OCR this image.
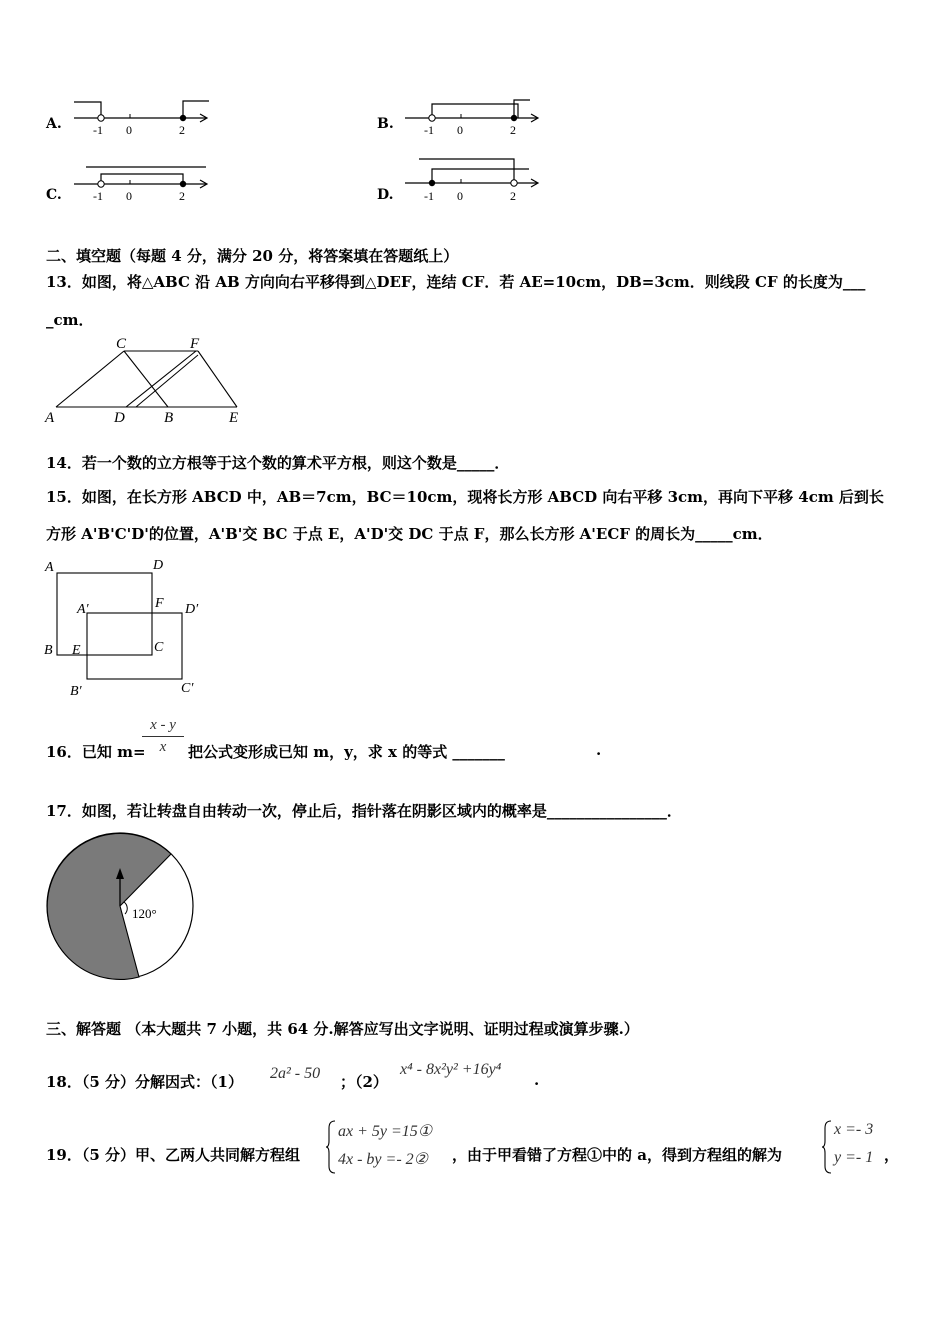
A.	-1 0	2	B.	-1 0	2
C.	-1 0	2	D.	-1 0	2
二、填空题（每题 4 分，满分 20 分，将答案填在答题纸上）
13．如图，将△ABC 沿 AB 方向向右平移得到△DEF，连结 CF．若 AE=10cm，DB=3cm．则线段 CF 的长度为___
_cm．
C	F
A	D	B	E
14．若一个数的立方根等于这个数的算术平方根，则这个数是_____．
15．如图，在长方形 ABCD 中，AB＝7cm，BC＝10cm，现将长方形 ABCD 向右平移 3cm，再向下平移 4cm 后到长
方形 A'B'C'D'的位置，A'B'交 BC 于点 E，A'D'交 DC 于点 F，那么长方形 A'ECF 的周长为_____cm．
A	D
A′	F D′
B E	C
B′	C′
16．已知 m=
$\frac{x - y}{x}$ 把公式变形成已知 m，y，求 x 的等式 _______	.
17．如图，若让转盘自由转动一次，停止后，指针落在阴影区域内的概率是________________．
120°
三、解答题 （本大题共 7 小题，共 64 分.解答应写出文字说明、证明过程或演算步骤.）
18．（5 分）分解因式：（1） 2a² - 50 ；（2）
x⁴ - 8x²y² +16y⁴
.
19．（5 分）甲、乙两人共同解方程组
ax + 5y =15①
4x - by =- 2② ，由于甲看错了方程①中的 a，得到方程组的解为
x =- 3
y =- 1 ，
